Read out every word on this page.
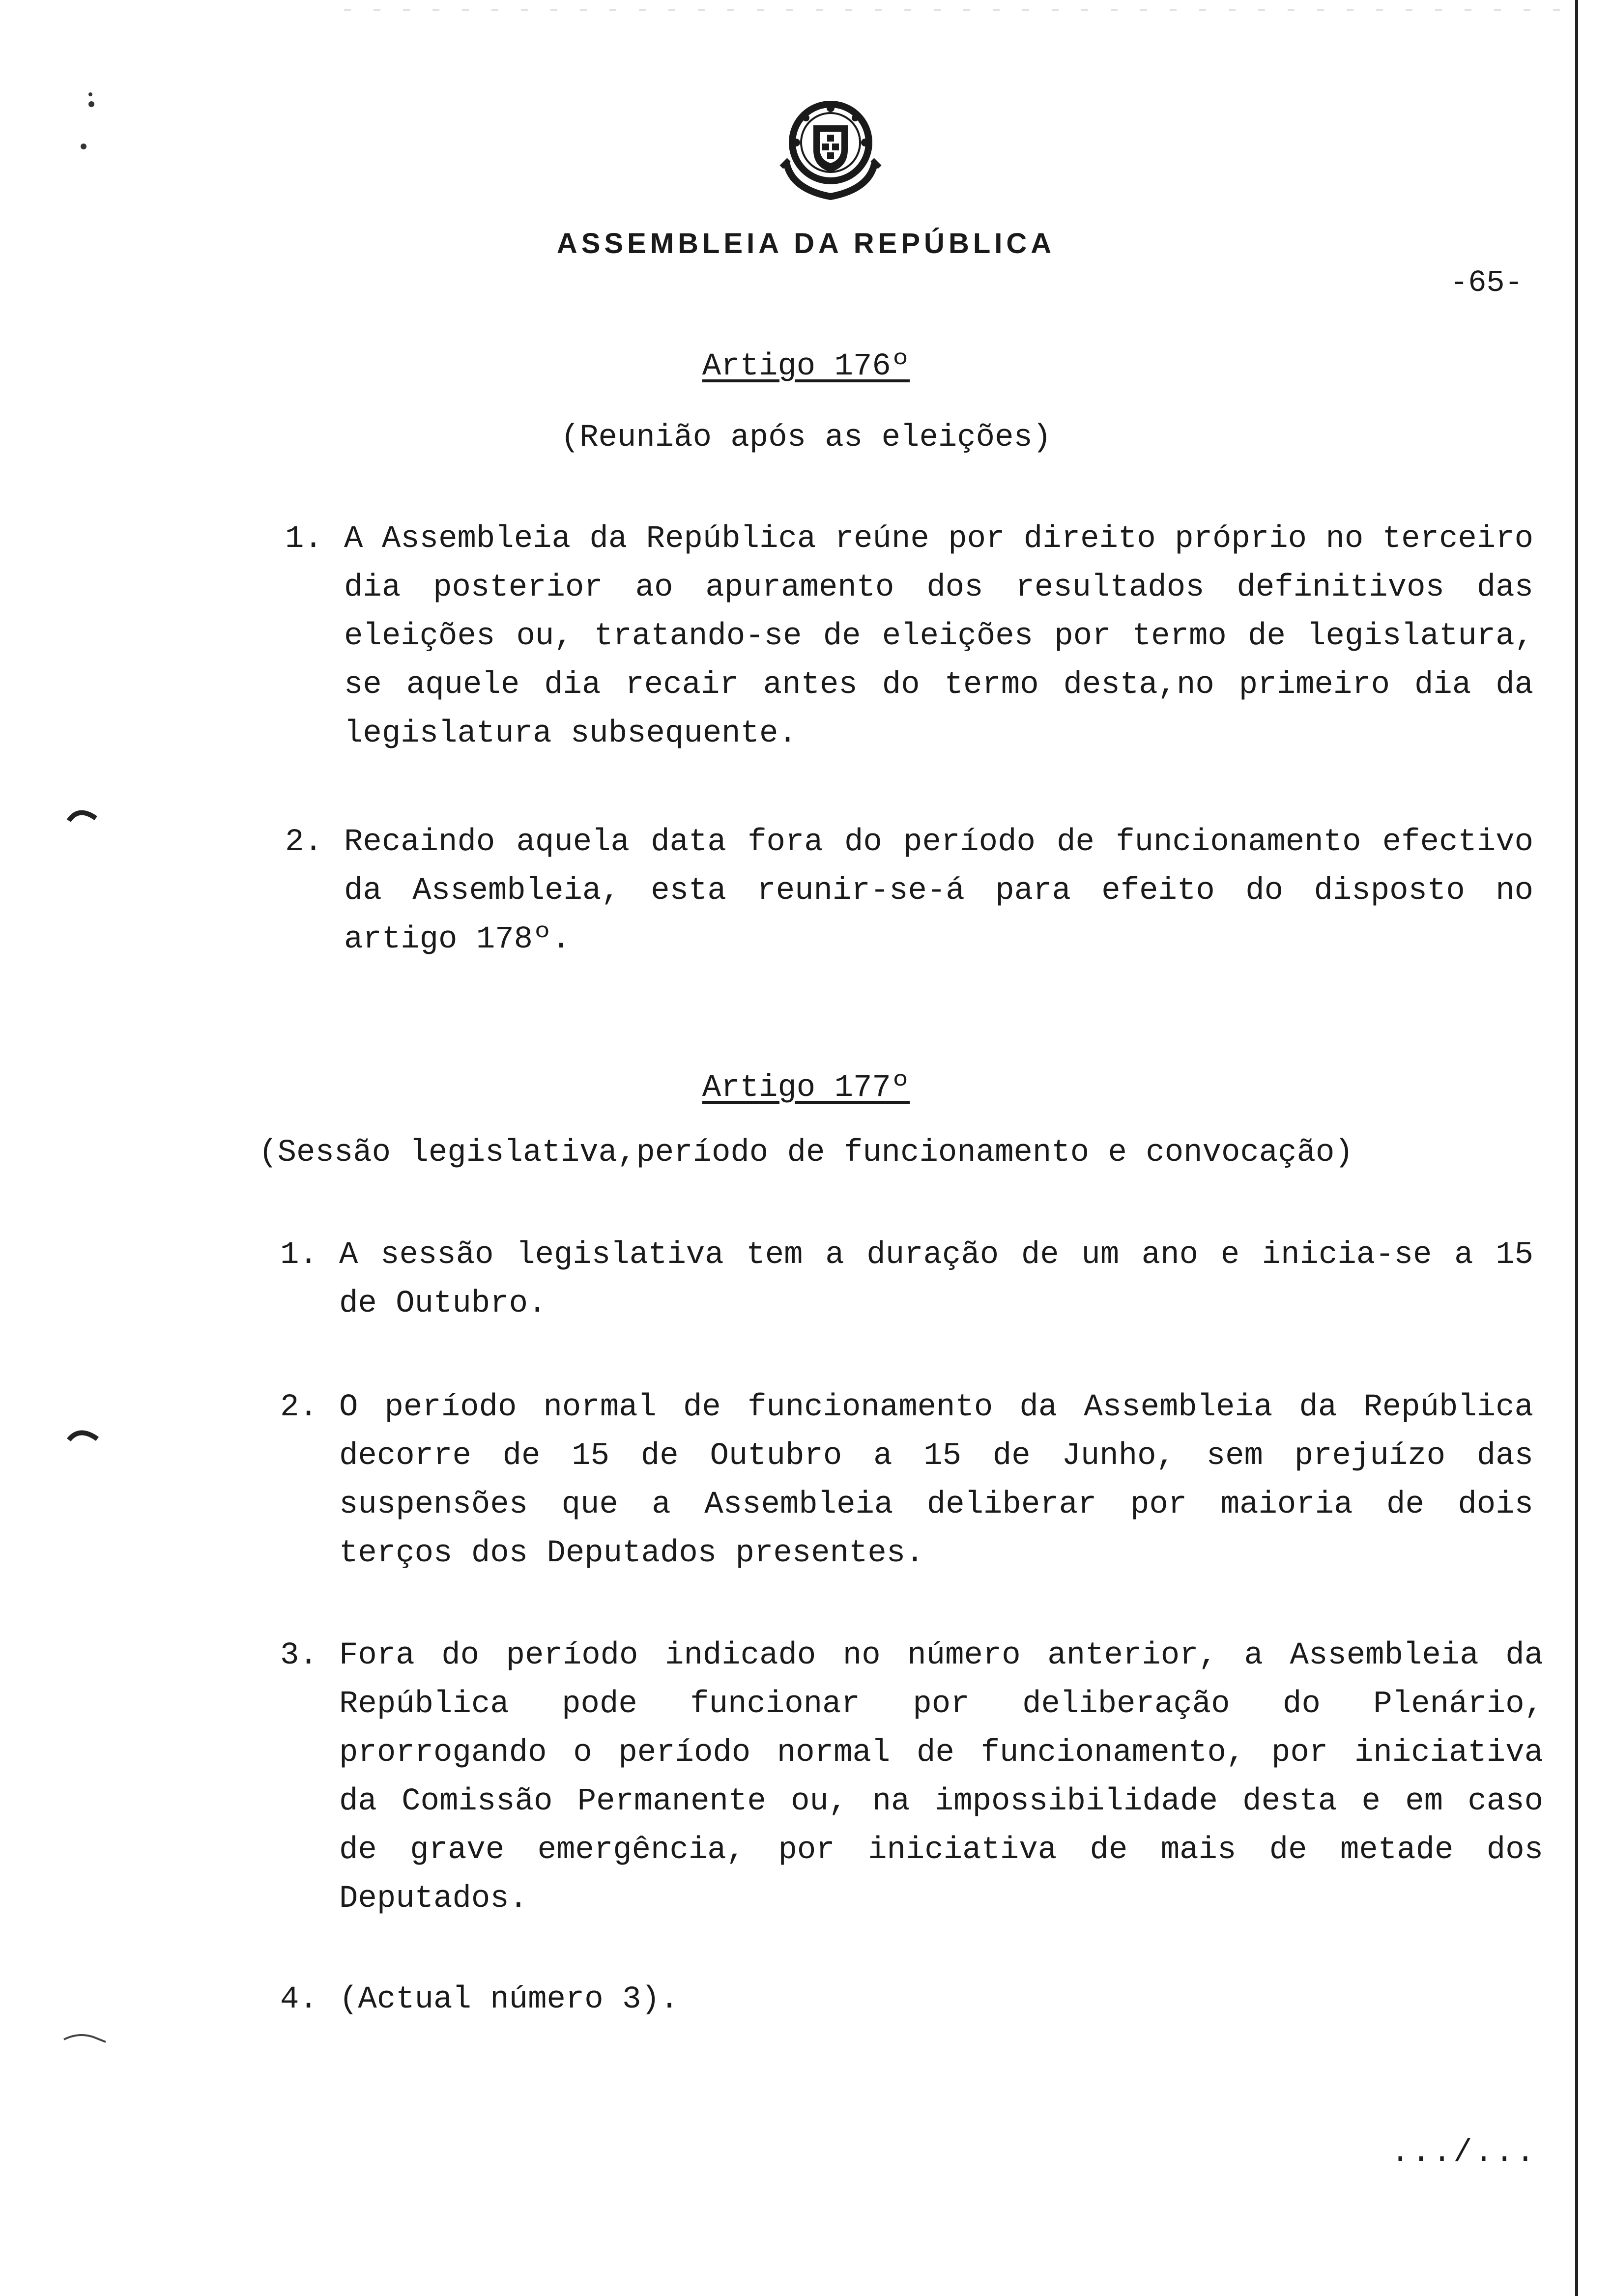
ASSEMBLEIA DA REPÚBLICA
-65-
Artigo 176º
(Reunião após as eleições)
1. A Assembleia da República reúne por direito próprio no terceiro dia posterior ao apuramento dos resultados definitivos das eleições ou, tratando-se de eleições por termo de legislatura, se aquele dia recair antes do termo desta,no primeiro dia da legislatura subsequente.

2. Recaindo aquela data fora do período de funcionamento efectivo da Assembleia, esta reunir-se-á para efeito do disposto no artigo 178º.

Artigo 177º
(Sessão legislativa,período de funcionamento e convocação)
1. A sessão legislativa tem a duração de um ano e inicia-se a 15 de Outubro.

2. O período normal de funcionamento da Assembleia da República decorre de 15 de Outubro a 15 de Junho, sem prejuízo das suspensões que a Assembleia deliberar por maioria de dois terços dos Deputados presentes.

3. Fora do período indicado no número anterior, a Assembleia da República pode funcionar por deliberação do Plenário, prorrogando o período normal de funcionamento, por iniciativa da Comissão Permanente ou, na impossibilidade desta e em caso de grave emergência, por iniciativa de mais de metade dos Deputados.

4. (Actual número 3).

.../...
